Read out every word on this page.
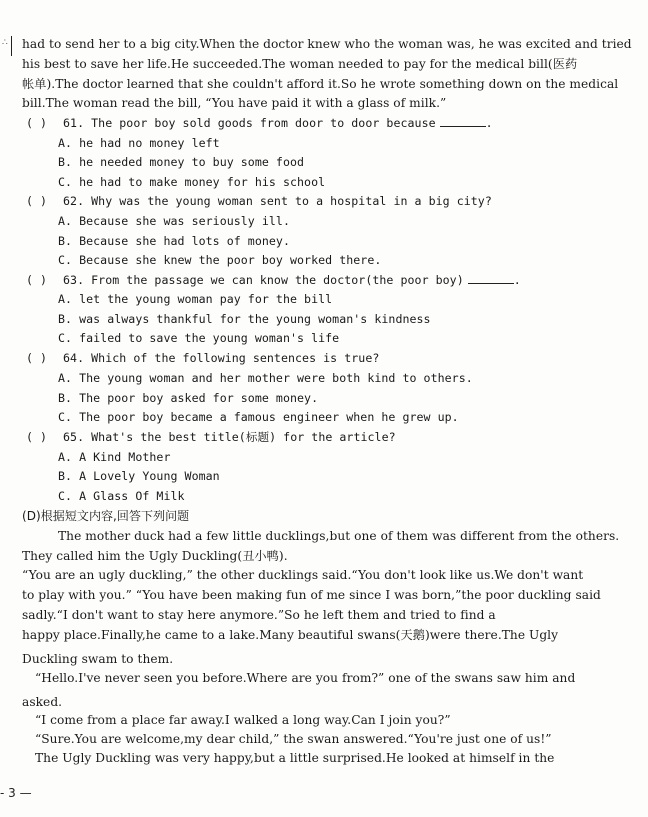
∴ had to send her to a big city.When the doctor knew who the woman was, he was excited and tried
his best to save her life.He succeeded.The woman needed to pay for the medical bill(医药
帐单).The doctor learned that she couldn't afford it.So he wrote something down on the medical
bill.The woman read the bill, “You have paid it with a glass of milk.”
( ) 61. The poor boy sold goods from door to door because	.
A. he had no money left
B. he needed money to buy some food
C. he had to make money for his school
( ) 62. Why was the young woman sent to a hospital in a big city?
A. Because she was seriously ill.
B. Because she had lots of money.
C. Because she knew the poor boy worked there.
( ) 63. From the passage we can know the doctor(the poor boy)	.
A. let the young woman pay for the bill
B. was always thankful for the young woman's kindness
C. failed to save the young woman's life
( ) 64. Which of the following sentences is true?
A. The young woman and her mother were both kind to others.
B. The poor boy asked for some money.
C. The poor boy became a famous engineer when he grew up.
( ) 65. What's the best title(标题) for the article?
A. A Kind Mother
B. A Lovely Young Woman
C. A Glass Of Milk
(D)根据短文内容,回答下列问题
The mother duck had a few little ducklings,but one of them was different from the others.
They called him the Ugly Duckling(丑小鸭).
“You are an ugly duckling,” the other ducklings said.“You don't look like us.We don't want
to play with you.” “You have been making fun of me since I was born,”the poor duckling said
sadly.“I don't want to stay here anymore.”So he left them and tried to find a
happy place.Finally,he came to a lake.Many beautiful swans(天鹅)were there.The Ugly
Duckling swam to them.
“Hello.I've never seen you before.Where are you from?” one of the swans saw him and
asked.
“I come from a place far away.I walked a long way.Can I join you?”
“Sure.You are welcome,my dear child,” the swan answered.“You're just one of us!”
The Ugly Duckling was very happy,but a little surprised.He looked at himself in the
- 3 —
